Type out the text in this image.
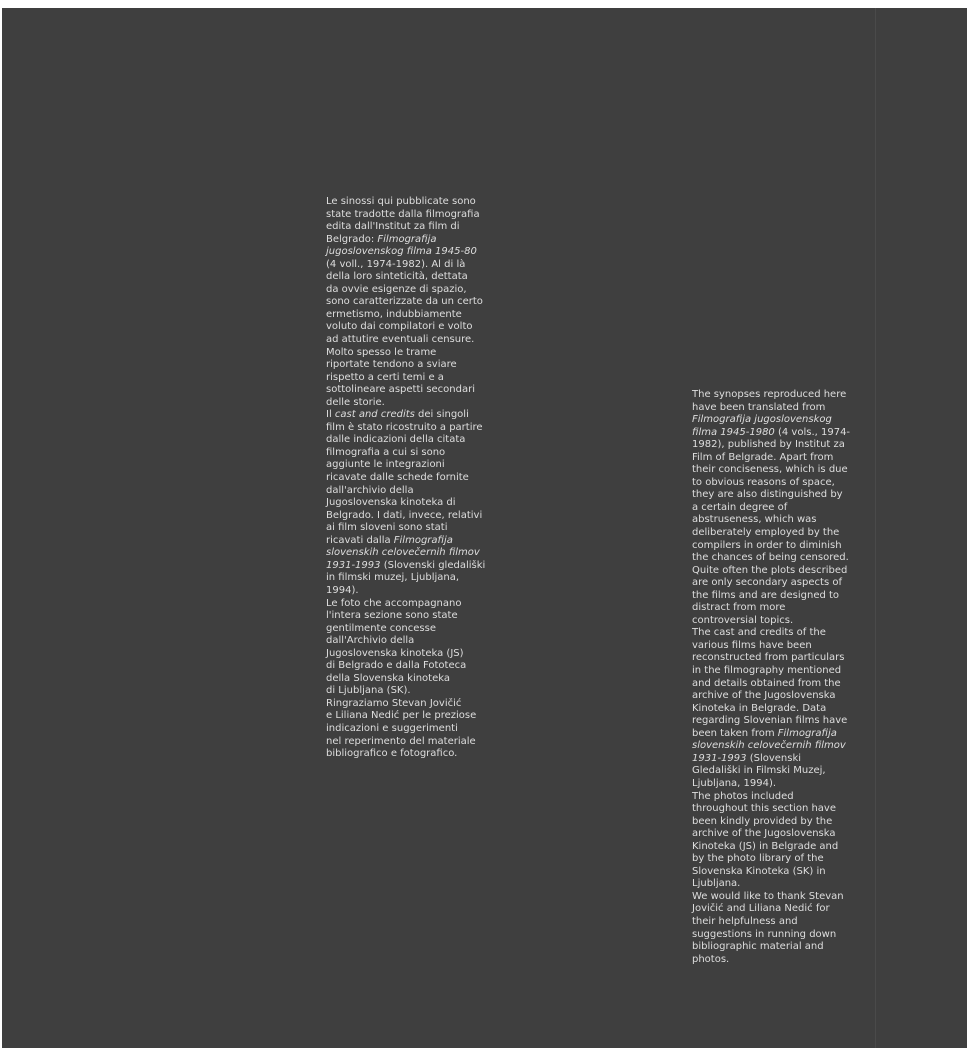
Le sinossi qui pubblicate sono
state tradotte dalla filmografia
edita dall'Institut za film di
Belgrado: Filmografija
jugoslovenskog filma 1945-80
(4 voll., 1974-1982). Al di là
della loro sinteticità, dettata
da ovvie esigenze di spazio,
sono caratterizzate da un certo
ermetismo, indubbiamente
voluto dai compilatori e volto
ad attutire eventuali censure.
Molto spesso le trame
riportate tendono a sviare
rispetto a certi temi e a
sottolineare aspetti secondari
delle storie.
Il cast and credits dei singoli
film è stato ricostruito a partire
dalle indicazioni della citata
filmografia a cui si sono
aggiunte le integrazioni
ricavate dalle schede fornite
dall'archivio della
Jugoslovenska kinoteka di
Belgrado. I dati, invece, relativi
ai film sloveni sono stati
ricavati dalla Filmografija
slovenskih celovečernih filmov
1931-1993 (Slovenski gledališki
in filmski muzej, Ljubljana,
1994).
Le foto che accompagnano
l'intera sezione sono state
gentilmente concesse
dall'Archivio della
Jugoslovenska kinoteka (JS)
di Belgrado e dalla Fototeca
della Slovenska kinoteka
di Ljubljana (SK).
Ringraziamo Stevan Jovičić
e Liliana Nedić per le preziose
indicazioni e suggerimenti
nel reperimento del materiale
bibliografico e fotografico.
The synopses reproduced here
have been translated from
Filmografija jugoslovenskog
filma 1945-1980 (4 vols., 1974-
1982), published by Institut za
Film of Belgrade. Apart from
their conciseness, which is due
to obvious reasons of space,
they are also distinguished by
a certain degree of
abstruseness, which was
deliberately employed by the
compilers in order to diminish
the chances of being censored.
Quite often the plots described
are only secondary aspects of
the films and are designed to
distract from more
controversial topics.
The cast and credits of the
various films have been
reconstructed from particulars
in the filmography mentioned
and details obtained from the
archive of the Jugoslovenska
Kinoteka in Belgrade. Data
regarding Slovenian films have
been taken from Filmografija
slovenskih celovečernih filmov
1931-1993 (Slovenski
Gledališki in Filmski Muzej,
Ljubljana, 1994).
The photos included
throughout this section have
been kindly provided by the
archive of the Jugoslovenska
Kinoteka (JS) in Belgrade and
by the photo library of the
Slovenska Kinoteka (SK) in
Ljubljana.
We would like to thank Stevan
Jovičić and Liliana Nedić for
their helpfulness and
suggestions in running down
bibliographic material and
photos.
